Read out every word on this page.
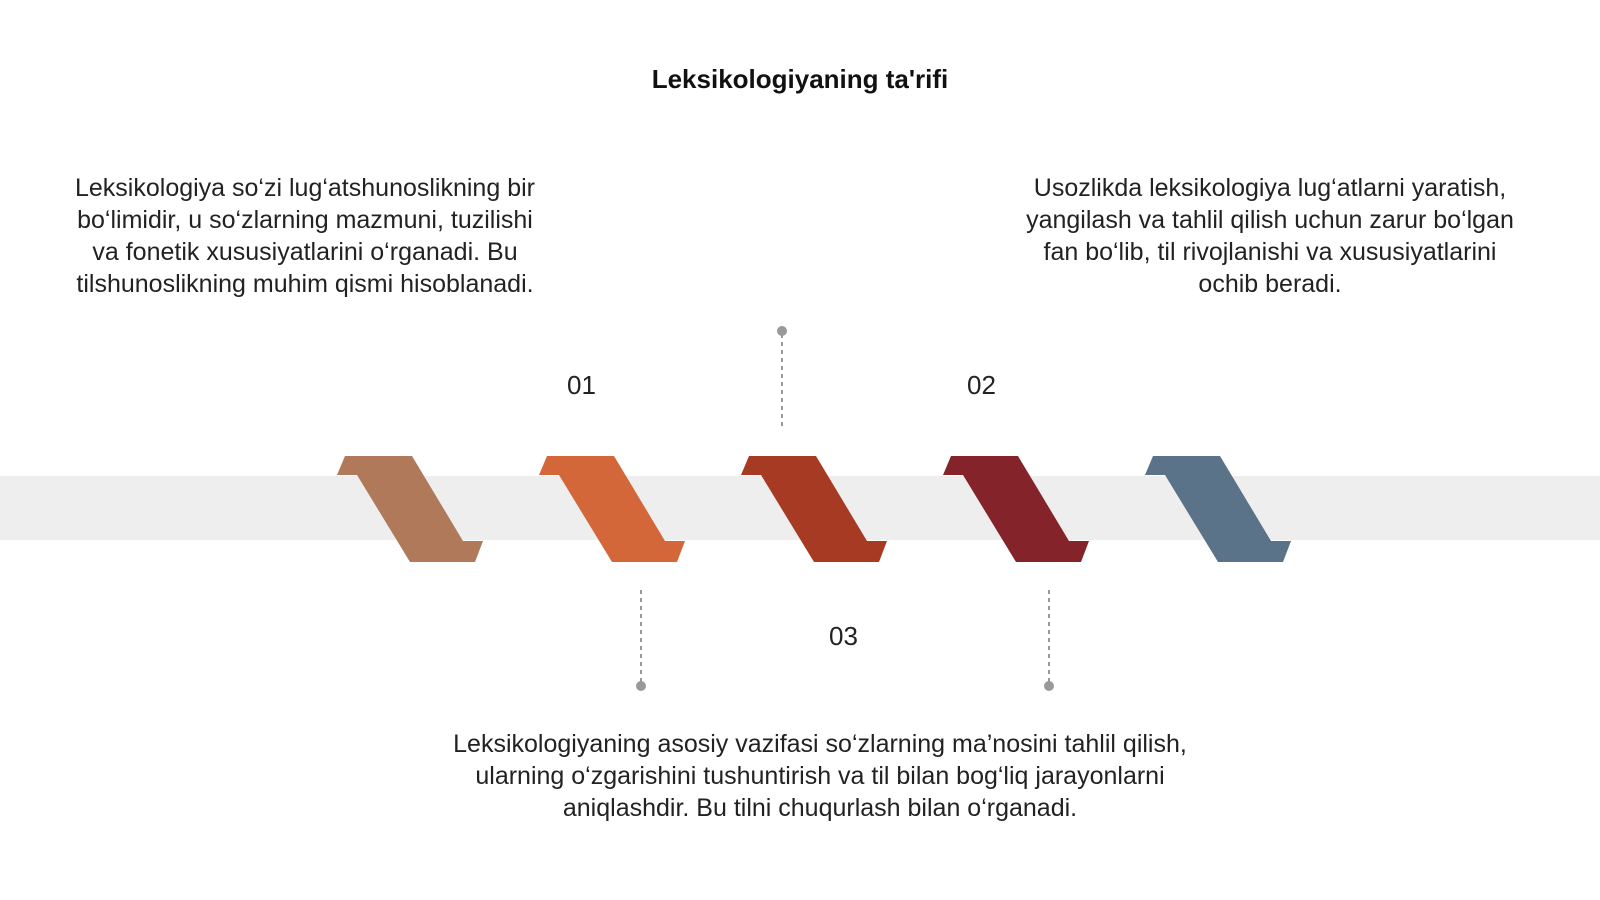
Leksikologiyaning ta'rifi
Leksikologiya so‘zi lug‘atshunoslikning bir bo‘limidir, u so‘zlarning mazmuni, tuzilishi va fonetik xususiyatlarini o‘rganadi. Bu tilshunoslikning muhim qismi hisoblanadi.
Usozlikda leksikologiya lug‘atlarni yaratish, yangilash va tahlil qilish uchun zarur bo‘lgan fan bo‘lib, til rivojlanishi va xususiyatlarini ochib beradi.
Leksikologiyaning asosiy vazifasi so‘zlarning ma’nosini tahlil qilish, ularning o‘zgarishini tushuntirish va til bilan bog‘liq jarayonlarni aniqlashdir. Bu tilni chuqurlash bilan o‘rganadi.
01	02
03
